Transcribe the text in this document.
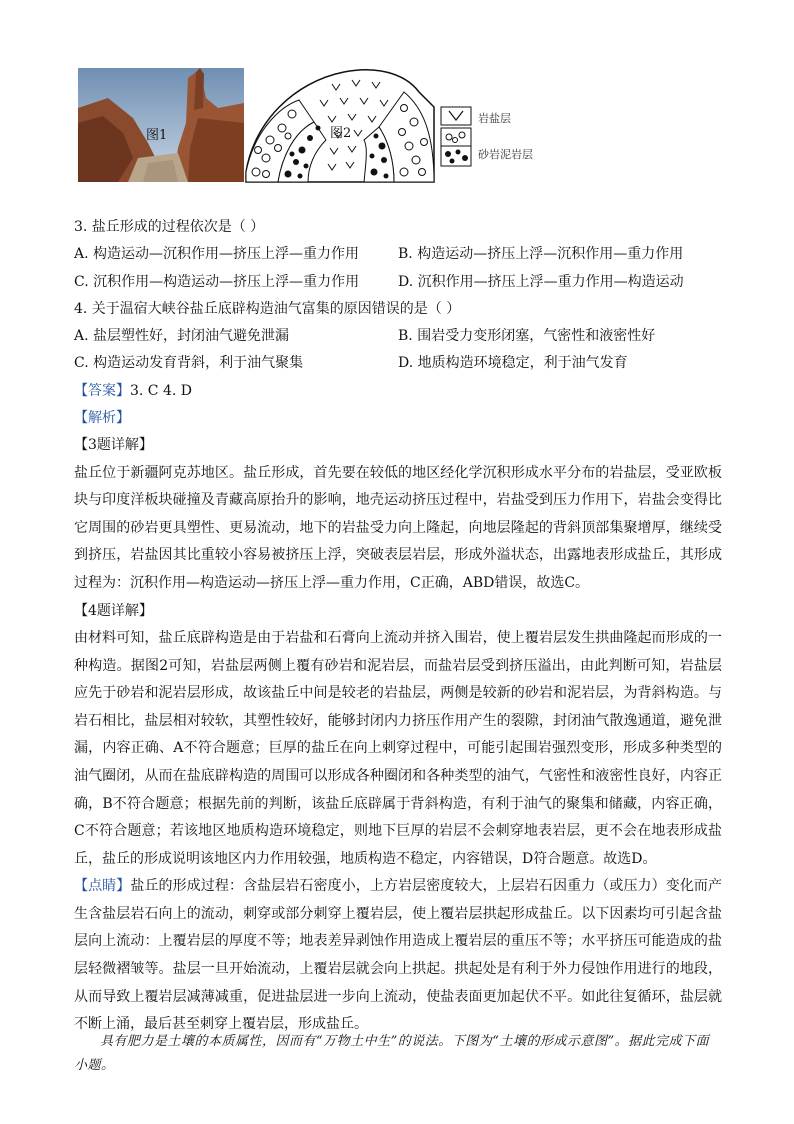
岩盐层
砂岩泥岩层
图1	图2
3. 盐丘形成的过程依次是（ ）
A. 构造运动—沉积作用—挤压上浮—重力作用	B. 构造运动—挤压上浮—沉积作用—重力作用
C. 沉积作用—构造运动—挤压上浮—重力作用	D. 沉积作用—挤压上浮—重力作用—构造运动
4. 关于温宿大峡谷盐丘底辟构造油气富集的原因错误的是（ ）
A. 盐层塑性好，封闭油气避免泄漏	B. 围岩受力变形闭塞，气密性和液密性好
C. 构造运动发育背斜，利于油气聚集	D. 地质构造环境稳定，利于油气发育
【答案】3. C 4. D
【解析】
【3题详解】
盐丘位于新疆阿克苏地区。盐丘形成，首先要在较低的地区经化学沉积形成水平分布的岩盐层，受亚欧板块与印度洋板块碰撞及青藏高原抬升的影响，地壳运动挤压过程中，岩盐受到压力作用下，岩盐会变得比它周围的砂岩更具塑性、更易流动，地下的岩盐受力向上隆起，向地层隆起的背斜顶部集聚增厚，继续受到挤压，岩盐因其比重较小容易被挤压上浮，突破表层岩层，形成外溢状态，出露地表形成盐丘，其形成过程为：沉积作用—构造运动—挤压上浮—重力作用，C正确，ABD错误，故选C。
【4题详解】
由材料可知，盐丘底辟构造是由于岩盐和石膏向上流动并挤入围岩，使上覆岩层发生拱曲隆起而形成的一种构造。据图2可知，岩盐层两侧上覆有砂岩和泥岩层，而盐岩层受到挤压溢出，由此判断可知，岩盐层应先于砂岩和泥岩层形成，故该盐丘中间是较老的岩盐层，两侧是较新的砂岩和泥岩层，为背斜构造。与岩石相比，盐层相对较软，其塑性较好，能够封闭内力挤压作用产生的裂隙，封闭油气散逸通道，避免泄漏，内容正确、A不符合题意；巨厚的盐丘在向上刺穿过程中，可能引起围岩强烈变形，形成多种类型的油气圈闭，从而在盐底辟构造的周围可以形成各种圈闭和各种类型的油气，气密性和液密性良好，内容正确，B不符合题意；根据先前的判断，该盐丘底辟属于背斜构造，有利于油气的聚集和储藏，内容正确，C不符合题意；若该地区地质构造环境稳定，则地下巨厚的岩层不会刺穿地表岩层，更不会在地表形成盐丘，盐丘的形成说明该地区内力作用较强，地质构造不稳定，内容错误，D符合题意。故选D。
【点睛】盐丘的形成过程：含盐层岩石密度小，上方岩层密度较大，上层岩石因重力（或压力）变化而产生含盐层岩石向上的流动，刺穿或部分刺穿上覆岩层，使上覆岩层拱起形成盐丘。以下因素均可引起含盐层向上流动：上覆岩层的厚度不等；地表差异剥蚀作用造成上覆岩层的重压不等；水平挤压可能造成的盐层轻微褶皱等。盐层一旦开始流动，上覆岩层就会向上拱起。拱起处是有利于外力侵蚀作用进行的地段，从而导致上覆岩层减薄减重，促进盐层进一步向上流动，使盐表面更加起伏不平。如此往复循环，盐层就不断上涌，最后甚至刺穿上覆岩层，形成盐丘。
具有肥力是土壤的本质属性，因而有“万物土中生”的说法。下图为“土壤的形成示意图”。据此完成下面小题。
